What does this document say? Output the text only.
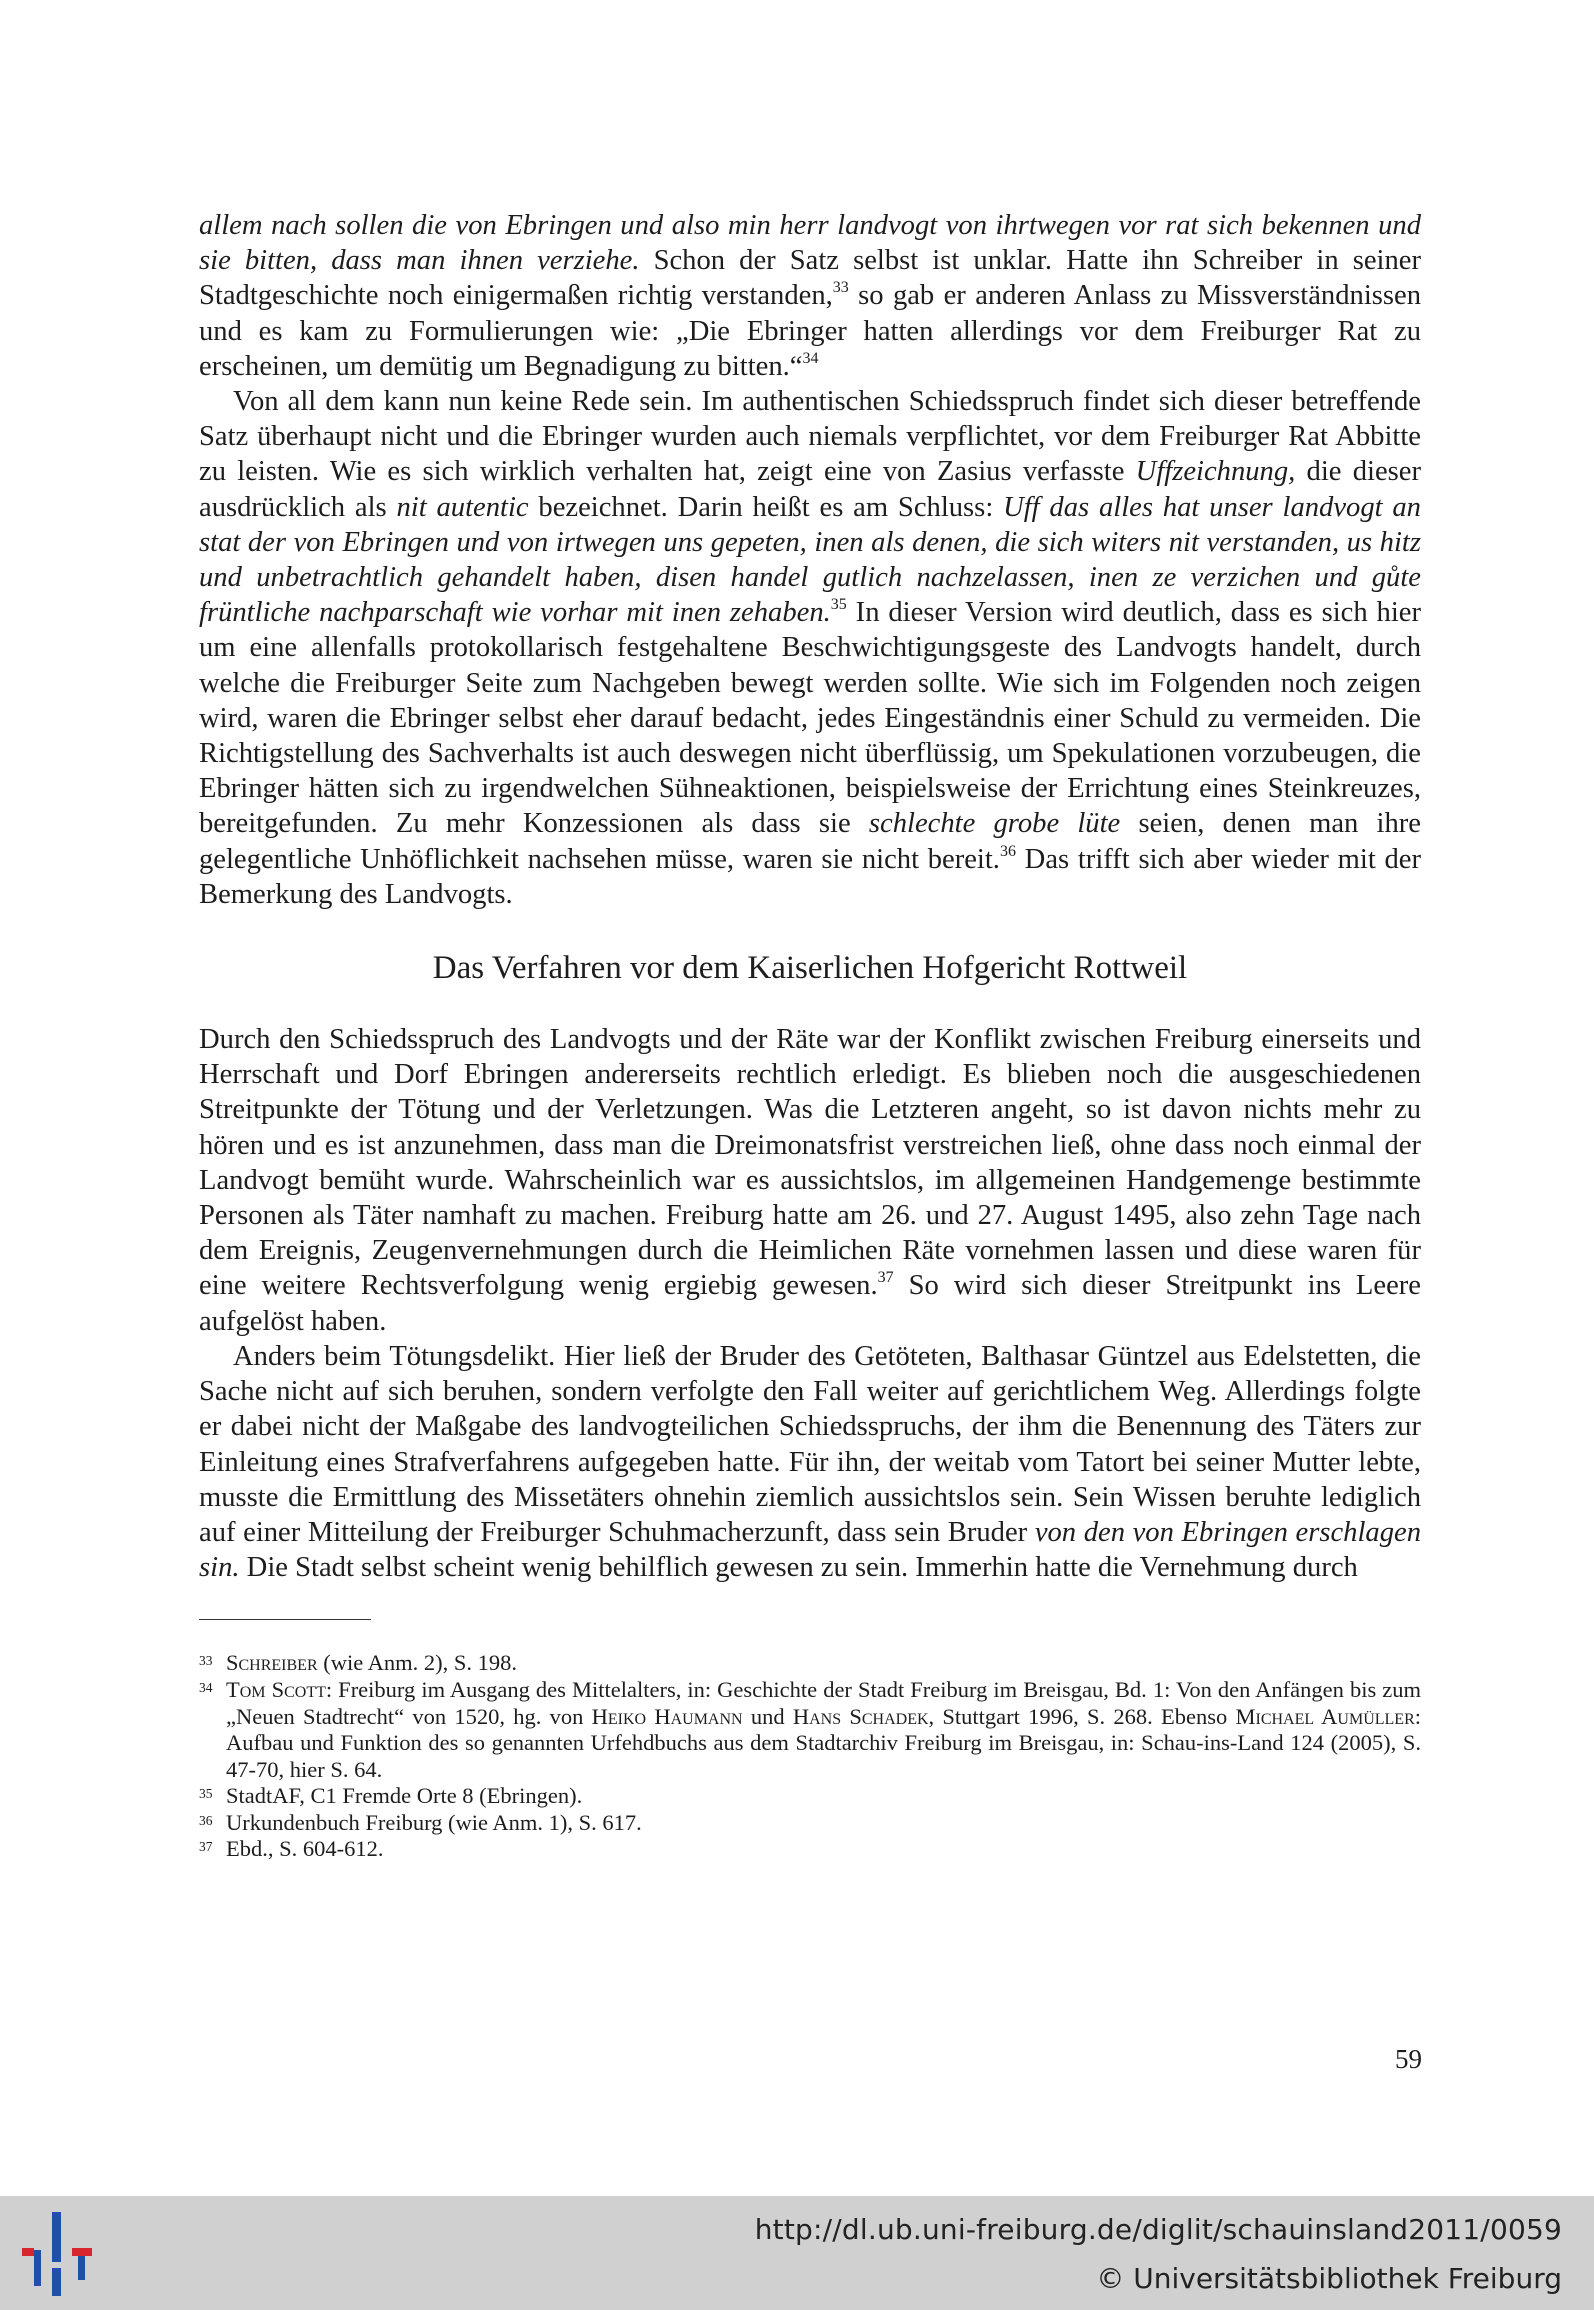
allem nach sollen die von Ebringen und also min herr landvogt von ihrtwegen vor rat sich bekennen und sie bitten, dass man ihnen verziehe. Schon der Satz selbst ist unklar. Hatte ihn Schreiber in seiner Stadtgeschichte noch einigermaßen richtig verstanden,$^{33}$ so gab er anderen Anlass zu Missverständnissen und es kam zu Formulierungen wie: „Die Ebringer hatten allerdings vor dem Freiburger Rat zu erscheinen, um demütig um Begnadigung zu bitten.“$^{34}$

Von all dem kann nun keine Rede sein. Im authentischen Schiedsspruch findet sich dieser betreffende Satz überhaupt nicht und die Ebringer wurden auch niemals verpflichtet, vor dem Freiburger Rat Abbitte zu leisten. Wie es sich wirklich verhalten hat, zeigt eine von Zasius verfasste Uffzeichnung, die dieser ausdrücklich als nit autentic bezeichnet. Darin heißt es am Schluss: Uff das alles hat unser landvogt an stat der von Ebringen und von irtwegen uns gepeten, inen als denen, die sich witers nit verstanden, us hitz und unbetrachtlich gehandelt haben, disen handel gutlich nachzelassen, inen ze verzichen und gůte früntliche nachparschaft wie vorhar mit inen zehaben.$^{35}$ In dieser Version wird deutlich, dass es sich hier um eine allenfalls protokollarisch festgehaltene Beschwichtigungsgeste des Landvogts handelt, durch welche die Freiburger Seite zum Nachgeben bewegt werden sollte. Wie sich im Folgenden noch zeigen wird, waren die Ebringer selbst eher darauf bedacht, jedes Eingeständnis einer Schuld zu vermeiden. Die Richtigstellung des Sachverhalts ist auch deswegen nicht überflüssig, um Spekulationen vorzubeugen, die Ebringer hätten sich zu irgendwelchen Sühneaktionen, beispielsweise der Errichtung eines Steinkreuzes, bereitgefunden. Zu mehr Konzessionen als dass sie schlechte grobe lüte seien, denen man ihre gelegentliche Unhöflichkeit nachsehen müsse, waren sie nicht bereit.$^{36}$ Das trifft sich aber wieder mit der Bemerkung des Landvogts.

Das Verfahren vor dem Kaiserlichen Hofgericht Rottweil

Durch den Schiedsspruch des Landvogts und der Räte war der Konflikt zwischen Freiburg einerseits und Herrschaft und Dorf Ebringen andererseits rechtlich erledigt. Es blieben noch die ausgeschiedenen Streitpunkte der Tötung und der Verletzungen. Was die Letzteren angeht, so ist davon nichts mehr zu hören und es ist anzunehmen, dass man die Dreimonatsfrist verstreichen ließ, ohne dass noch einmal der Landvogt bemüht wurde. Wahrscheinlich war es aussichtslos, im allgemeinen Handgemenge bestimmte Personen als Täter namhaft zu machen. Freiburg hatte am 26. und 27. August 1495, also zehn Tage nach dem Ereignis, Zeugenvernehmungen durch die Heimlichen Räte vornehmen lassen und diese waren für eine weitere Rechtsverfolgung wenig ergiebig gewesen.$^{37}$ So wird sich dieser Streitpunkt ins Leere aufgelöst haben.

Anders beim Tötungsdelikt. Hier ließ der Bruder des Getöteten, Balthasar Güntzel aus Edelstetten, die Sache nicht auf sich beruhen, sondern verfolgte den Fall weiter auf gerichtlichem Weg. Allerdings folgte er dabei nicht der Maßgabe des landvogteilichen Schiedsspruchs, der ihm die Benennung des Täters zur Einleitung eines Strafverfahrens aufgegeben hatte. Für ihn, der weitab vom Tatort bei seiner Mutter lebte, musste die Ermittlung des Missetäters ohnehin ziemlich aussichtslos sein. Sein Wissen beruhte lediglich auf einer Mitteilung der Freiburger Schuhmacherzunft, dass sein Bruder von den von Ebringen erschlagen sin. Die Stadt selbst scheint wenig behilflich gewesen zu sein. Immerhin hatte die Vernehmung durch

33 Schreiber (wie Anm. 2), S. 198.
34 Tom Scott: Freiburg im Ausgang des Mittelalters, in: Geschichte der Stadt Freiburg im Breisgau, Bd. 1: Von den Anfängen bis zum „Neuen Stadtrecht“ von 1520, hg. von Heiko Haumann und Hans Schadek, Stuttgart 1996, S. 268. Ebenso Michael Aumüller: Aufbau und Funktion des so genannten Urfehdbuchs aus dem Stadtarchiv Freiburg im Breisgau, in: Schau-ins-Land 124 (2005), S. 47-70, hier S. 64.
35 StadtAF, C1 Fremde Orte 8 (Ebringen).
36 Urkundenbuch Freiburg (wie Anm. 1), S. 617.
37 Ebd., S. 604-612.
59
http://dl.ub.uni-freiburg.de/diglit/schauinsland2011/0059
© Universitätsbibliothek Freiburg
